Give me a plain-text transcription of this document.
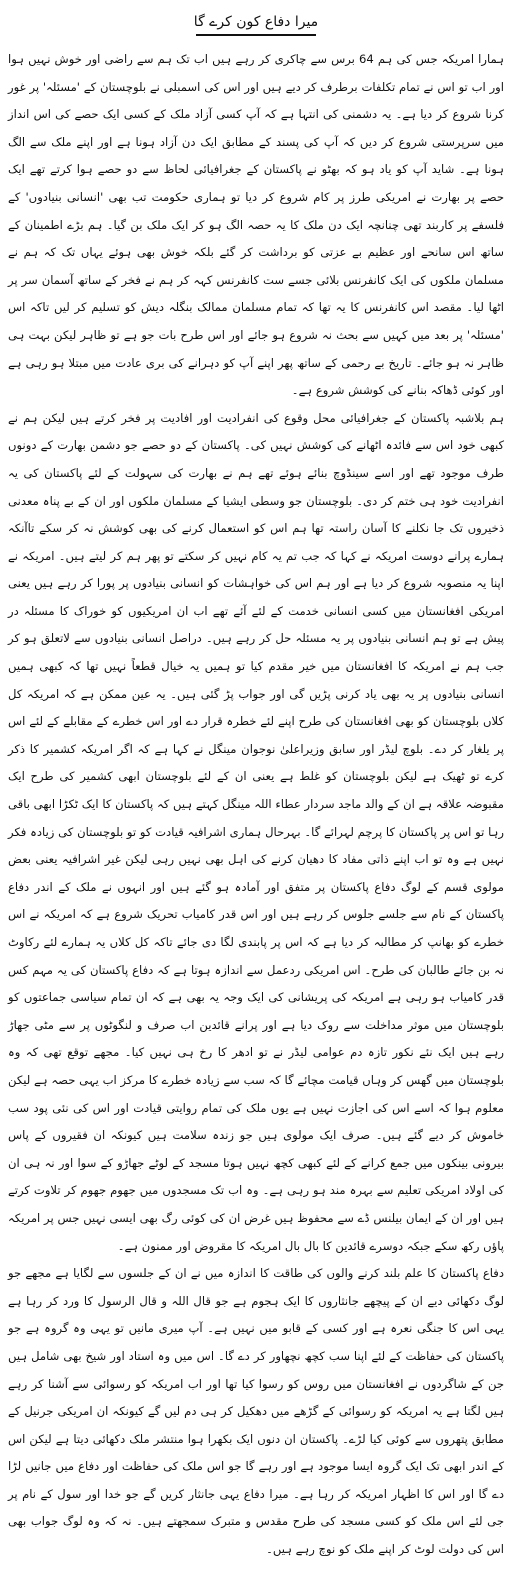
میرا دفاع کون کرے گا

ہمارا امریکہ جس کی ہم 64 برس سے چاکری کر رہے ہیں اب تک ہم سے راضی اور خوش نہیں ہوا اور اب تو اس نے تمام تکلفات برطرف کر دیے ہیں اور اس کی اسمبلی نے بلوچستان کے 'مسئلہ' پر غور کرنا شروع کر دیا ہے۔ یہ دشمنی کی انتہا ہے کہ آپ کسی آزاد ملک کے کسی ایک حصے کی اس انداز میں سرپرستی شروع کر دیں کہ آپ کی پسند کے مطابق ایک دن آزاد ہونا ہے اور اپنے ملک سے الگ ہونا ہے۔ شاید آپ کو یاد ہو کہ بھٹو نے پاکستان کے جغرافیائی لحاظ سے دو حصے ہوا کرتے تھے ایک حصے پر بھارت نے امریکی طرز پر کام شروع کر دیا تو ہماری حکومت تب بھی 'انسانی بنیادوں' کے فلسفے پر کاربند تھی چنانچہ ایک دن ملک کا یہ حصہ الگ ہو کر ایک ملک بن گیا۔ ہم بڑے اطمینان کے ساتھ اس سانحے اور عظیم بے عزتی کو برداشت کر گئے بلکہ خوش بھی ہوئے یہاں تک کہ ہم نے مسلمان ملکوں کی ایک کانفرنس بلائی جسے ست کانفرنس کہہ کر ہم نے فخر کے ساتھ آسمان سر پر اٹھا لیا۔ مقصد اس کانفرنس کا یہ تھا کہ تمام مسلمان ممالک بنگلہ دیش کو تسلیم کر لیں تاکہ اس 'مسئلہ' پر بعد میں کہیں سے بحث نہ شروع ہو جائے اور اس طرح بات جو ہے تو ظاہر لیکن بہت ہی ظاہر نہ ہو جائے۔ تاریخ بے رحمی کے ساتھ پھر اپنے آپ کو دہرانے کی بری عادت میں مبتلا ہو رہی ہے اور کوئی ڈھاکہ بنانے کی کوشش شروع ہے۔

ہم بلاشبہ پاکستان کے جغرافیائی محل وقوع کی انفرادیت اور افادیت پر فخر کرتے ہیں لیکن ہم نے کبھی خود اس سے فائدہ اٹھانے کی کوشش نہیں کی۔ پاکستان کے دو حصے جو دشمن بھارت کے دونوں طرف موجود تھے اور اسے سینڈوچ بنائے ہوئے تھے ہم نے بھارت کی سہولت کے لئے پاکستان کی یہ انفرادیت خود ہی ختم کر دی۔ بلوچستان جو وسطی ایشیا کے مسلمان ملکوں اور ان کے بے پناہ معدنی ذخیروں تک جا نکلنے کا آسان راستہ تھا ہم اس کو استعمال کرنے کی بھی کوشش نہ کر سکے تاآنکہ ہمارے پرانے دوست امریکہ نے کہا کہ جب تم یہ کام نہیں کر سکتے تو پھر ہم کر لیتے ہیں۔ امریکہ نے اپنا یہ منصوبہ شروع کر دیا ہے اور ہم اس کی خواہشات کو انسانی بنیادوں پر پورا کر رہے ہیں یعنی امریکی افغانستان میں کسی انسانی خدمت کے لئے آئے تھے اب ان امریکیوں کو خوراک کا مسئلہ در پیش ہے تو ہم انسانی بنیادوں پر یہ مسئلہ حل کر رہے ہیں۔ دراصل انسانی بنیادوں سے لاتعلق ہو کر جب ہم نے امریکہ کا افغانستان میں خیر مقدم کیا تو ہمیں یہ خیال قطعاً نہیں تھا کہ کبھی ہمیں انسانی بنیادوں پر یہ بھی یاد کرنی پڑیں گی اور جواب پڑ گئی ہیں۔ یہ عین ممکن ہے کہ امریکہ کل کلاں بلوچستان کو بھی افغانستان کی طرح اپنے لئے خطرہ قرار دے اور اس خطرے کے مقابلے کے لئے اس پر یلغار کر دے۔ بلوچ لیڈر اور سابق وزیراعلیٰ نوجوان مینگل نے کہا ہے کہ اگر امریکہ کشمیر کا ذکر کرے تو ٹھیک ہے لیکن بلوچستان کو غلط ہے یعنی ان کے لئے بلوچستان ابھی کشمیر کی طرح ایک مقبوضہ علاقہ ہے ان کے والد ماجد سردار عطاء اللہ مینگل کہتے ہیں کہ پاکستان کا ایک ٹکڑا ابھی باقی رہا تو اس پر پاکستان کا پرچم لہرائے گا۔ بہرحال ہماری اشرافیہ قیادت کو تو بلوچستان کی زیادہ فکر نہیں ہے وہ تو اب اپنے ذاتی مفاد کا دھیان کرنے کی اہل بھی نہیں رہی لیکن غیر اشرافیہ یعنی بعض مولوی قسم کے لوگ دفاع پاکستان پر متفق اور آمادہ ہو گئے ہیں اور انہوں نے ملک کے اندر دفاع پاکستان کے نام سے جلسے جلوس کر رہے ہیں اور اس قدر کامیاب تحریک شروع ہے کہ امریکہ نے اس خطرے کو بھانپ کر مطالبہ کر دیا ہے کہ اس پر پابندی لگا دی جائے تاکہ کل کلاں یہ ہمارے لئے رکاوٹ نہ بن جائے طالبان کی طرح۔ اس امریکی ردعمل سے اندازہ ہوتا ہے کہ دفاع پاکستان کی یہ مہم کس قدر کامیاب ہو رہی ہے امریکہ کی پریشانی کی ایک وجہ یہ بھی ہے کہ ان تمام سیاسی جماعتوں کو بلوچستان میں موثر مداخلت سے روک دیا ہے اور پرانے قائدین اب صرف و لنگوٹوں پر سے مٹی جھاڑ رہے ہیں ایک نئے نکور تازہ دم عوامی لیڈر نے تو ادھر کا رخ ہی نہیں کیا۔ مجھے توقع تھی کہ وہ بلوچستان میں گھس کر وہاں قیامت مچائے گا کہ سب سے زیادہ خطرے کا مرکز اب یہی حصہ ہے لیکن معلوم ہوا کہ اسے اس کی اجازت نہیں ہے یوں ملک کی تمام روایتی قیادت اور اس کی نئی پود سب خاموش کر دیے گئے ہیں۔ صرف ایک مولوی ہیں جو زندہ سلامت ہیں کیونکہ ان فقیروں کے پاس بیرونی بینکوں میں جمع کرانے کے لئے کبھی کچھ نہیں ہوتا مسجد کے لوٹے جھاڑو کے سوا اور نہ ہی ان کی اولاد امریکی تعلیم سے بہرہ مند ہو رہی ہے۔ وہ اب تک مسجدوں میں جھوم جھوم کر تلاوت کرتے ہیں اور ان کے ایمان بیلنس ڈے سے محفوظ ہیں غرض ان کی کوئی رگ بھی ایسی نہیں جس پر امریکہ پاؤں رکھ سکے جبکہ دوسرے قائدین کا بال بال امریکہ کا مقروض اور ممنون ہے۔

دفاع پاکستان کا علم بلند کرنے والوں کی طاقت کا اندازہ میں نے ان کے جلسوں سے لگایا ہے مجھے جو لوگ دکھائی دیے ان کے پیچھے جانثاروں کا ایک ہجوم ہے جو قال اللہ و قال الرسول کا ورد کر رہا ہے یہی اس کا جنگی نعرہ ہے اور کسی کے قابو میں نہیں ہے۔ آپ میری مانیں تو یہی وہ گروہ ہے جو پاکستان کی حفاظت کے لئے اپنا سب کچھ نچھاور کر دے گا۔ اس میں وہ استاد اور شیخ بھی شامل ہیں جن کے شاگردوں نے افغانستان میں روس کو رسوا کیا تھا اور اب امریکہ کو رسوائی سے آشنا کر رہے ہیں لگتا ہے یہ امریکہ کو رسوائی کے گڑھے میں دھکیل کر ہی دم لیں گے کیونکہ ان امریکی جرنیل کے مطابق پتھروں سے کوئی کیا لڑے۔ پاکستان ان دنوں ایک بکھرا ہوا منتشر ملک دکھائی دیتا ہے لیکن اس کے اندر ابھی تک ایک گروہ ایسا موجود ہے اور رہے گا جو اس ملک کی حفاظت اور دفاع میں جانیں لڑا دے گا اور اس کا اظہار امریکہ کر رہا ہے۔ میرا دفاع یہی جانثار کریں گے جو خدا اور سول کے نام پر جی لئے اس ملک کو کسی مسجد کی طرح مقدس و متبرک سمجھتے ہیں۔ نہ کہ وہ لوگ جواب بھی اس کی دولت لوٹ کر اپنے ملک کو نوچ رہے ہیں۔
